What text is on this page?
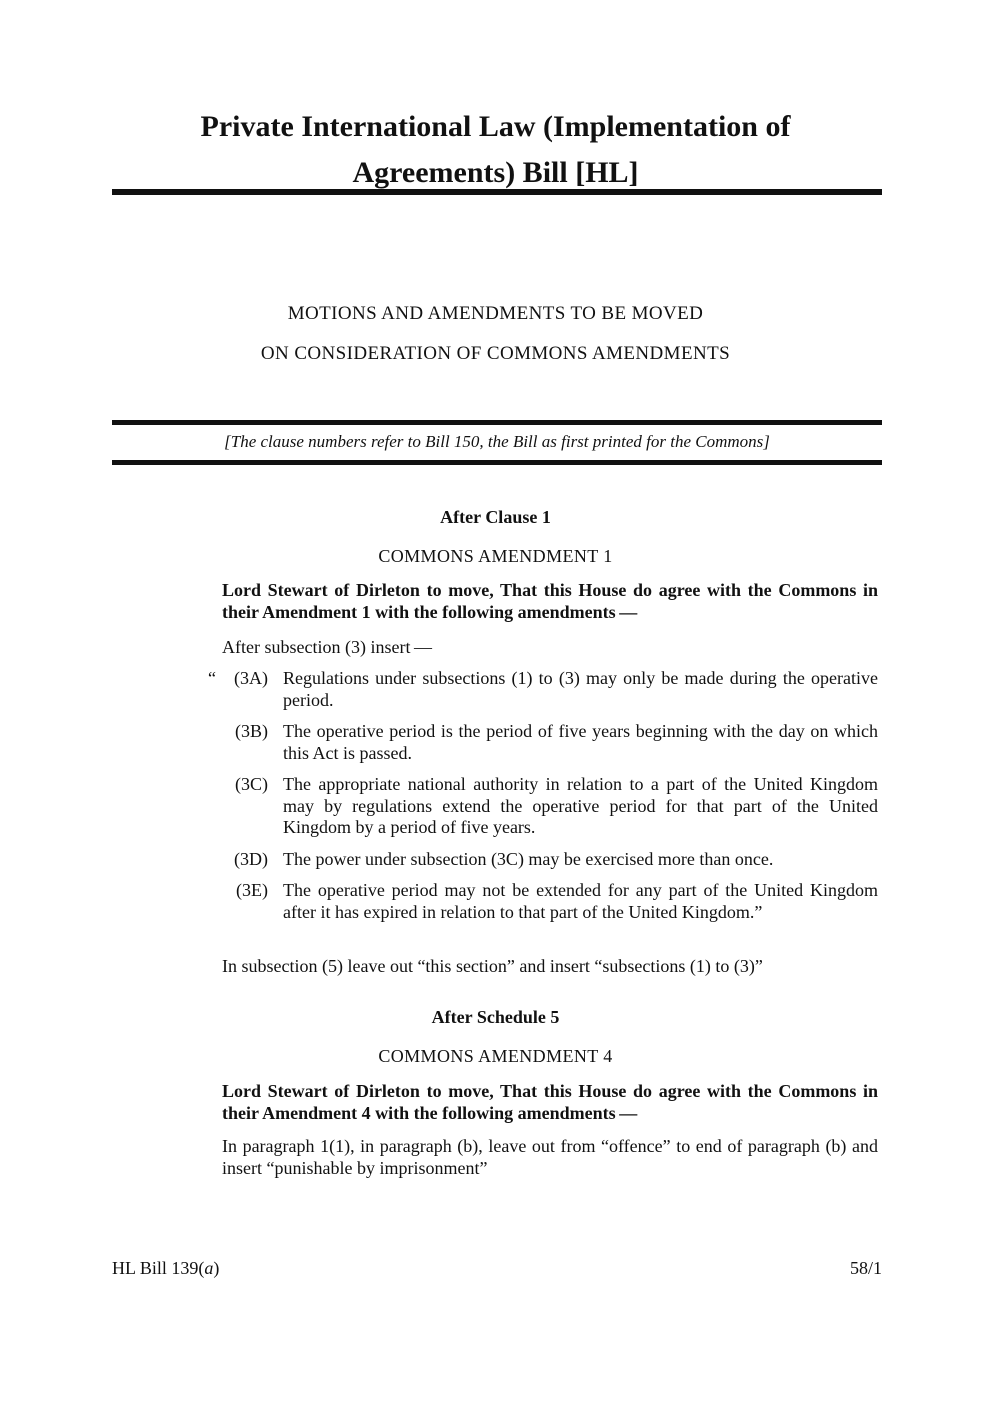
Private International Law (Implementation of
Agreements) Bill [HL]
MOTIONS AND AMENDMENTS TO BE MOVED
ON CONSIDERATION OF COMMONS AMENDMENTS
[The clause numbers refer to Bill 150, the Bill as first printed for the Commons]
After Clause 1
COMMONS AMENDMENT 1
Lord Stewart of Dirleton to move, That this House do agree with the Commons in their Amendment 1 with the following amendments —
After subsection (3) insert —
“ (3A) Regulations under subsections (1) to (3) may only be made during the operative period.
(3B) The operative period is the period of five years beginning with the day on which this Act is passed.
(3C) The appropriate national authority in relation to a part of the United Kingdom may by regulations extend the operative period for that part of the United Kingdom by a period of five years.
(3D) The power under subsection (3C) may be exercised more than once.
(3E) The operative period may not be extended for any part of the United Kingdom after it has expired in relation to that part of the United Kingdom.”
In subsection (5) leave out “this section” and insert “subsections (1) to (3)”
After Schedule 5
COMMONS AMENDMENT 4
Lord Stewart of Dirleton to move, That this House do agree with the Commons in their Amendment 4 with the following amendments —
In paragraph 1(1), in paragraph (b), leave out from “offence” to end of paragraph (b) and insert “punishable by imprisonment”
HL Bill 139(a)	58/1
